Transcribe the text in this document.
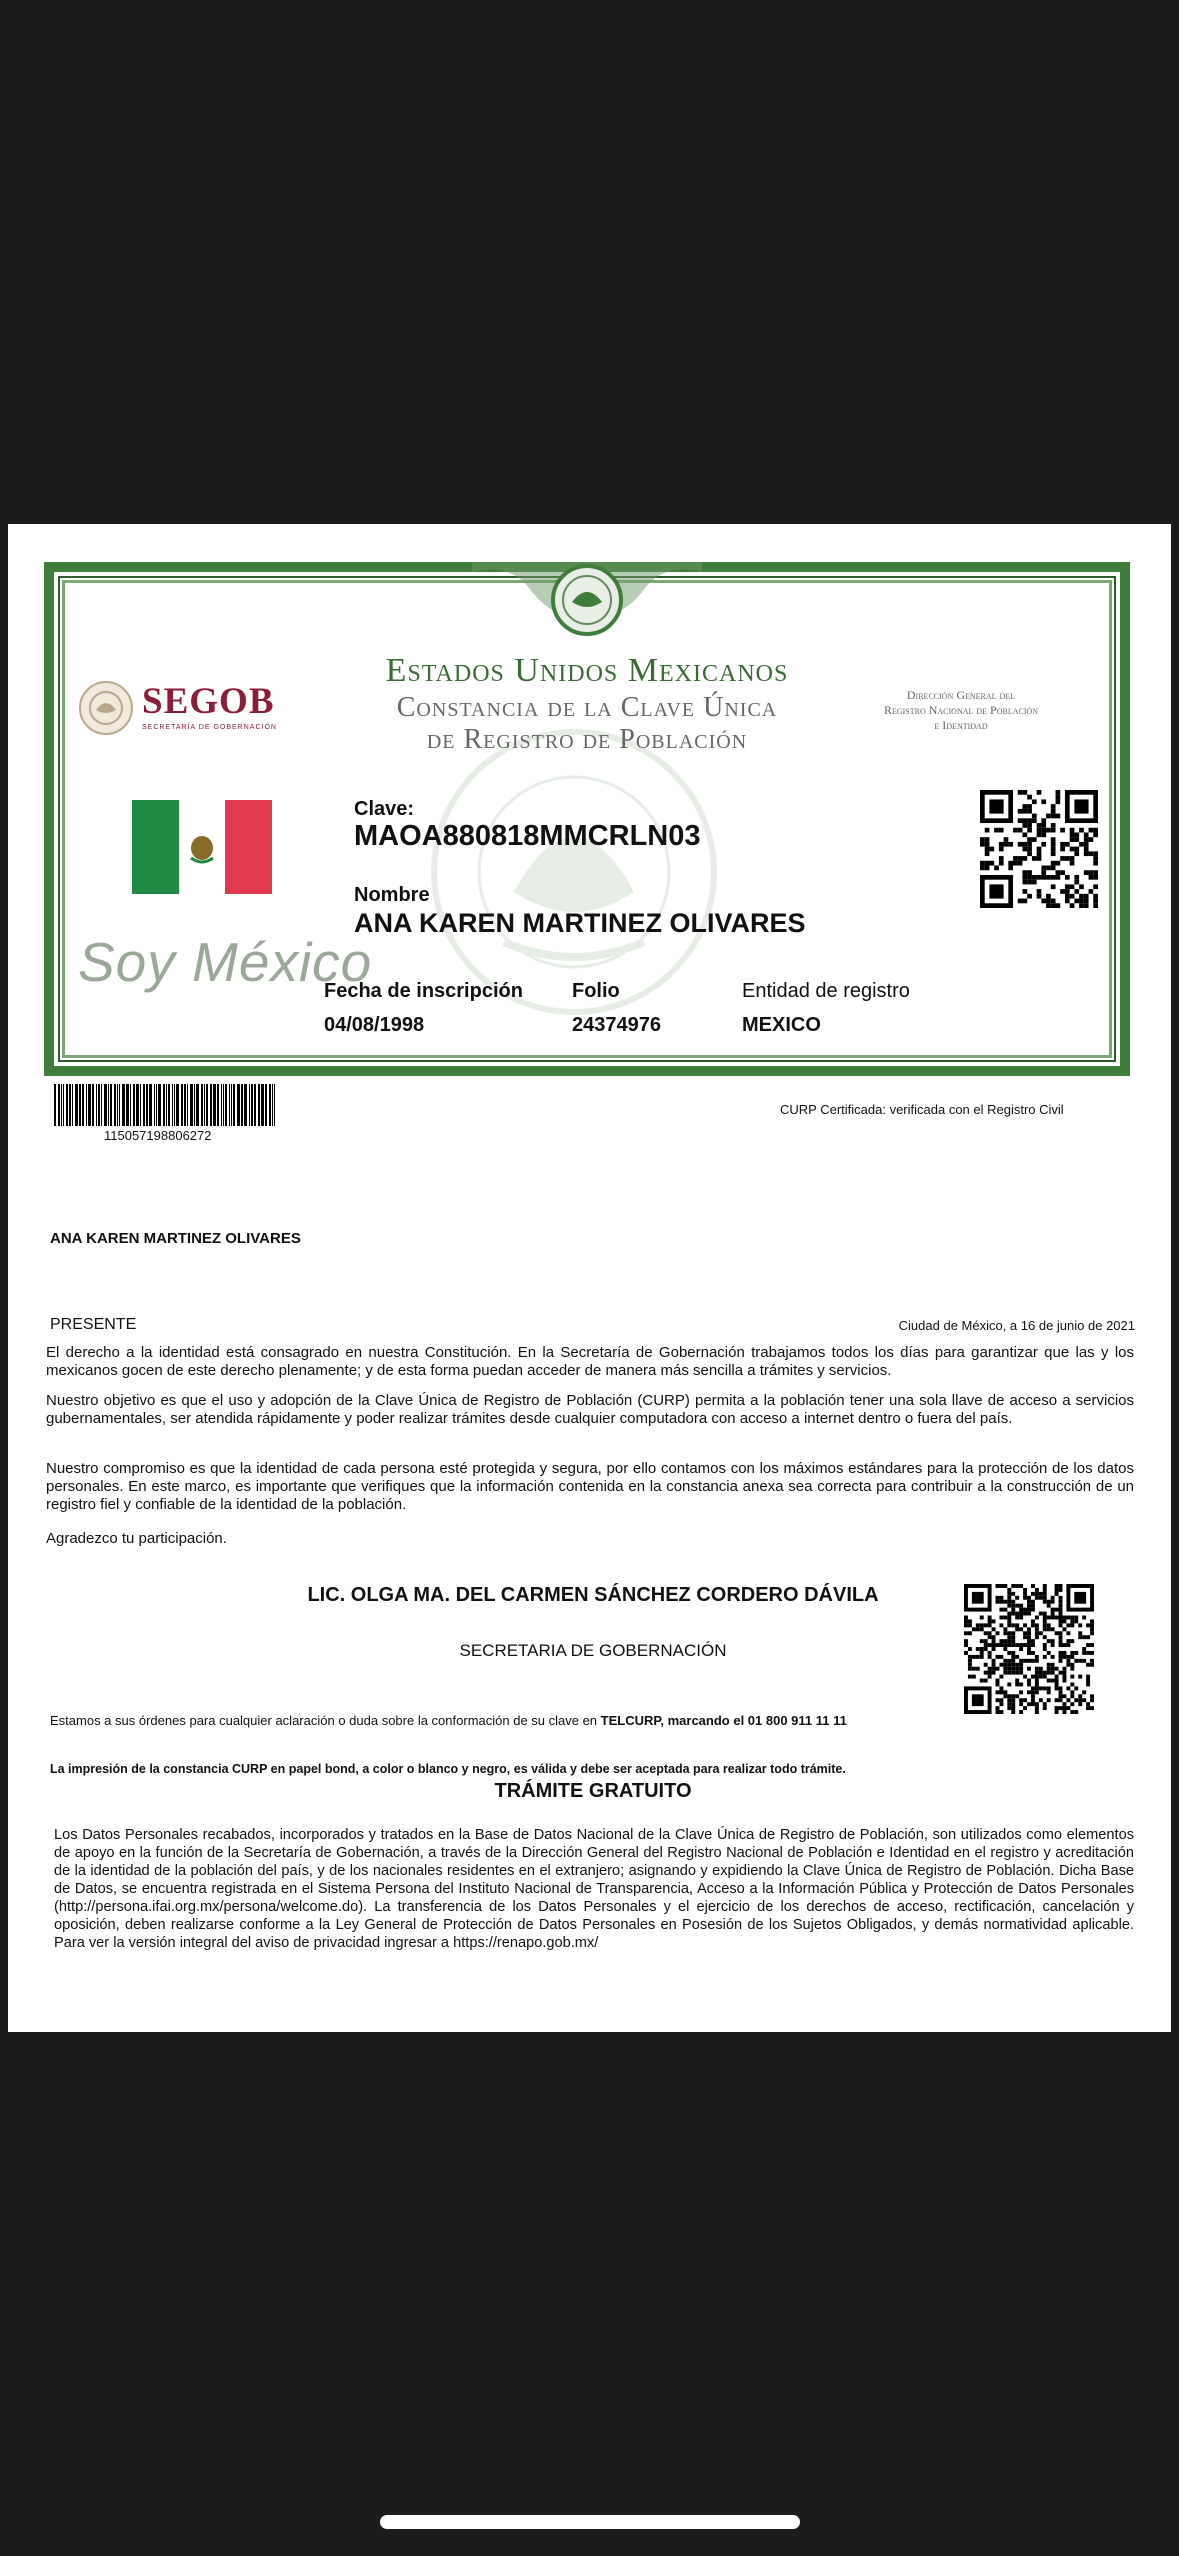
Estados Unidos Mexicanos
Constancia de la Clave Única
de Registro de Población
SEGOB
SECRETARÍA DE GOBERNACIÓN
Dirección General del
Registro Nacional de Población
e Identidad
Clave:
MAOA880818MMCRLN03
Nombre
ANA KAREN MARTINEZ OLIVARES
Soy México
Fecha de inscripción
04/08/1998
Folio
24374976
Entidad de registro
MEXICO
115057198806272
CURP Certificada: verificada con el Registro Civil
ANA KAREN MARTINEZ OLIVARES
PRESENTE	Ciudad de México, a 16 de junio de 2021
El derecho a la identidad está consagrado en nuestra Constitución. En la Secretaría de Gobernación trabajamos todos los días para garantizar que las y los mexicanos gocen de este derecho plenamente; y de esta forma puedan acceder de manera más sencilla a trámites y servicios.
Nuestro objetivo es que el uso y adopción de la Clave Única de Registro de Población (CURP) permita a la población tener una sola llave de acceso a servicios gubernamentales, ser atendida rápidamente y poder realizar trámites desde cualquier computadora con acceso a internet dentro o fuera del país.
Nuestro compromiso es que la identidad de cada persona esté protegida y segura, por ello contamos con los máximos estándares para la protección de los datos personales. En este marco, es importante que verifiques que la información contenida en la constancia anexa sea correcta para contribuir a la construcción de un registro fiel y confiable de la identidad de la población.
Agradezco tu participación.
LIC. OLGA MA. DEL CARMEN SÁNCHEZ CORDERO DÁVILA
SECRETARIA DE GOBERNACIÓN
Estamos a sus órdenes para cualquier aclaración o duda sobre la conformación de su clave en TELCURP, marcando el 01 800 911 11 11
La impresión de la constancia CURP en papel bond, a color o blanco y negro, es válida y debe ser aceptada para realizar todo trámite.
TRÁMITE GRATUITO
Los Datos Personales recabados, incorporados y tratados en la Base de Datos Nacional de la Clave Única de Registro de Población, son utilizados como elementos de apoyo en la función de la Secretaría de Gobernación, a través de la Dirección General del Registro Nacional de Población e Identidad en el registro y acreditación de la identidad de la población del país, y de los nacionales residentes en el extranjero; asignando y expidiendo la Clave Única de Registro de Población. Dicha Base de Datos, se encuentra registrada en el Sistema Persona del Instituto Nacional de Transparencia, Acceso a la Información Pública y Protección de Datos Personales (http://persona.ifai.org.mx/persona/welcome.do). La transferencia de los Datos Personales y el ejercicio de los derechos de acceso, rectificación, cancelación y oposición, deben realizarse conforme a la Ley General de Protección de Datos Personales en Posesión de los Sujetos Obligados, y demás normatividad aplicable. Para ver la versión integral del aviso de privacidad ingresar a https://renapo.gob.mx/
